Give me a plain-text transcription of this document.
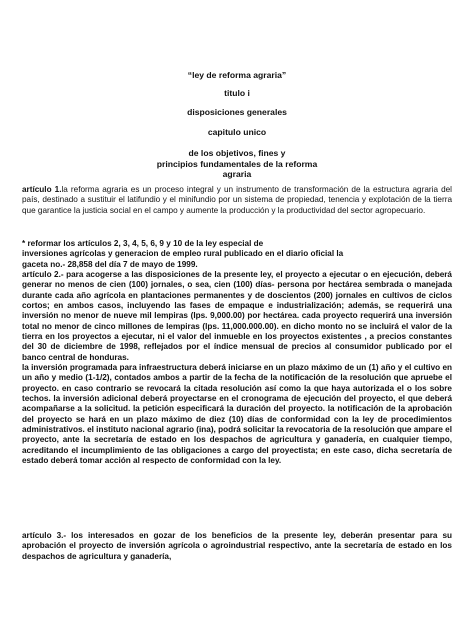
“ley de reforma agraria”
titulo i
disposiciones generales
capitulo unico
de los objetivos, fines y
principios fundamentales de la reforma
agraria

artículo 1.la reforma agraria es un proceso integral y un instrumento de transformación de la estructura agraria del país, destinado a sustituir el latifundio y el minifundio por un sistema de propiedad, tenencia y explotación de la tierra que garantice la justicia social en el campo y aumente la producción y la productividad del sector agropecuario.

* reformar los artículos 2, 3, 4, 5, 6, 9 y 10 de la ley especial de
inversiones agrícolas y generacion de empleo rural publicado en el diario oficial la
gaceta no.- 28,858 del día 7 de mayo de 1999.

artículo 2.- para acogerse a las disposiciones de la presente ley, el proyecto a ejecutar o en ejecución, deberá generar no menos de cien (100) jornales, o sea, cien (100) días- persona por hectárea sembrada o manejada durante cada año agrícola en plantaciones permanentes y de doscientos (200) jornales en cultivos de ciclos cortos; en ambos casos, incluyendo las fases de empaque e industrialización; además, se requerirá una inversión no menor de nueve mil lempiras (lps. 9,000.00) por hectárea. cada proyecto requerirá una inversión total no menor de cinco millones de lempiras (lps. 11,000.000.00). en dicho monto no se incluirá el valor de la tierra en los proyectos a ejecutar, ni el valor del inmueble en los proyectos existentes , a precios constantes del 30 de diciembre de 1998, reflejados por el índice mensual de precios al consumidor publicado por el banco central de honduras.

la inversión programada para infraestructura deberá iniciarse en un plazo máximo de un (1) año y el cultivo en un año y medio (1-1/2), contados ambos a partir de la fecha de la notificación de la resolución que apruebe el proyecto. en caso contrario se revocará la citada resolución así como la que haya autorizada el o los sobre techos. la inversión adicional deberá proyectarse en el cronograma de ejecución del proyecto, el que deberá acompañarse a la solicitud. la petición especificará la duración del proyecto. la notificación de la aprobación del proyecto se hará en un plazo máximo de diez (10) días de conformidad con la ley de procedimientos administrativos. el instituto nacional agrario (ina), podrá solicitar la revocatoria de la resolución que ampare el proyecto, ante la secretaría de estado en los despachos de agricultura y ganadería, en cualquier tiempo, acreditando el incumplimiento de las obligaciones a cargo del proyectista; en este caso, dicha secretaría de estado deberá tomar acción al respecto de conformidad con la ley.

artículo 3.- los interesados en gozar de los beneficios de la presente ley, deberán presentar para su aprobación el proyecto de inversión agrícola o agroindustrial respectivo, ante la secretaría de estado en los despachos de agricultura y ganadería,
